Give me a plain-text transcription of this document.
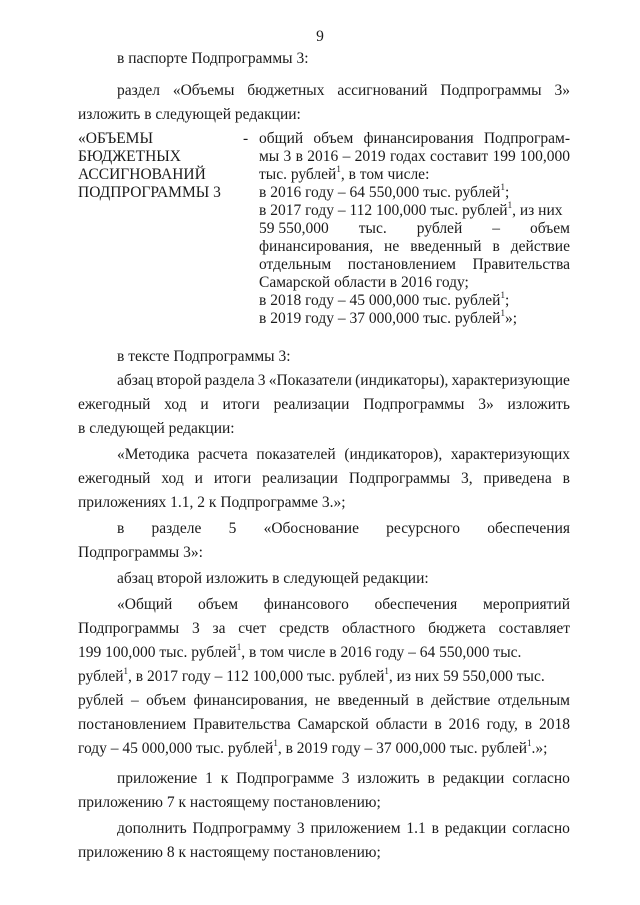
9
в паспорте Подпрограммы 3:
раздел «Объемы бюджетных ассигнований Подпрограммы 3»
изложить в следующей редакции:
«ОБЪЕМЫ
БЮДЖЕТНЫХ
АССИГНОВАНИЙ
ПОДПРОГРАММЫ 3
- общий объем финансирования Подпрограм-
мы 3 в 2016 – 2019 годах составит 199 100,000
тыс. рублей$^1$, в том числе:
в 2016 году – 64 550,000 тыс. рублей$^1$;
в 2017 году – 112 100,000 тыс. рублей$^1$, из них
59 550,000 тыс. рублей – объем
финансирования, не введенный в действие
отдельным постановлением Правительства
Самарской области в 2016 году;
в 2018 году – 45 000,000 тыс. рублей$^1$;
в 2019 году – 37 000,000 тыс. рублей$^1$»;
в тексте Подпрограммы 3:
абзац второй раздела 3 «Показатели (индикаторы), характеризующие
ежегодный ход и итоги реализации Подпрограммы 3» изложить
в следующей редакции:
«Методика расчета показателей (индикаторов), характеризующих
ежегодный ход и итоги реализации Подпрограммы 3, приведена в
приложениях 1.1, 2 к Подпрограмме 3.»;
в разделе 5 «Обоснование ресурсного обеспечения
Подпрограммы 3»:
абзац второй изложить в следующей редакции:
«Общий объем финансового обеспечения мероприятий
Подпрограммы 3 за счет средств областного бюджета составляет
199 100,000 тыс. рублей$^1$, в том числе в 2016 году – 64 550,000 тыс.
рублей$^1$, в 2017 году – 112 100,000 тыс. рублей$^1$, из них 59 550,000 тыс.
рублей – объем финансирования, не введенный в действие отдельным
постановлением Правительства Самарской области в 2016 году, в 2018
году – 45 000,000 тыс. рублей$^1$, в 2019 году – 37 000,000 тыс. рублей$^1$.»;
приложение 1 к Подпрограмме 3 изложить в редакции согласно
приложению 7 к настоящему постановлению;
дополнить Подпрограмму 3 приложением 1.1 в редакции согласно
приложению 8 к настоящему постановлению;
